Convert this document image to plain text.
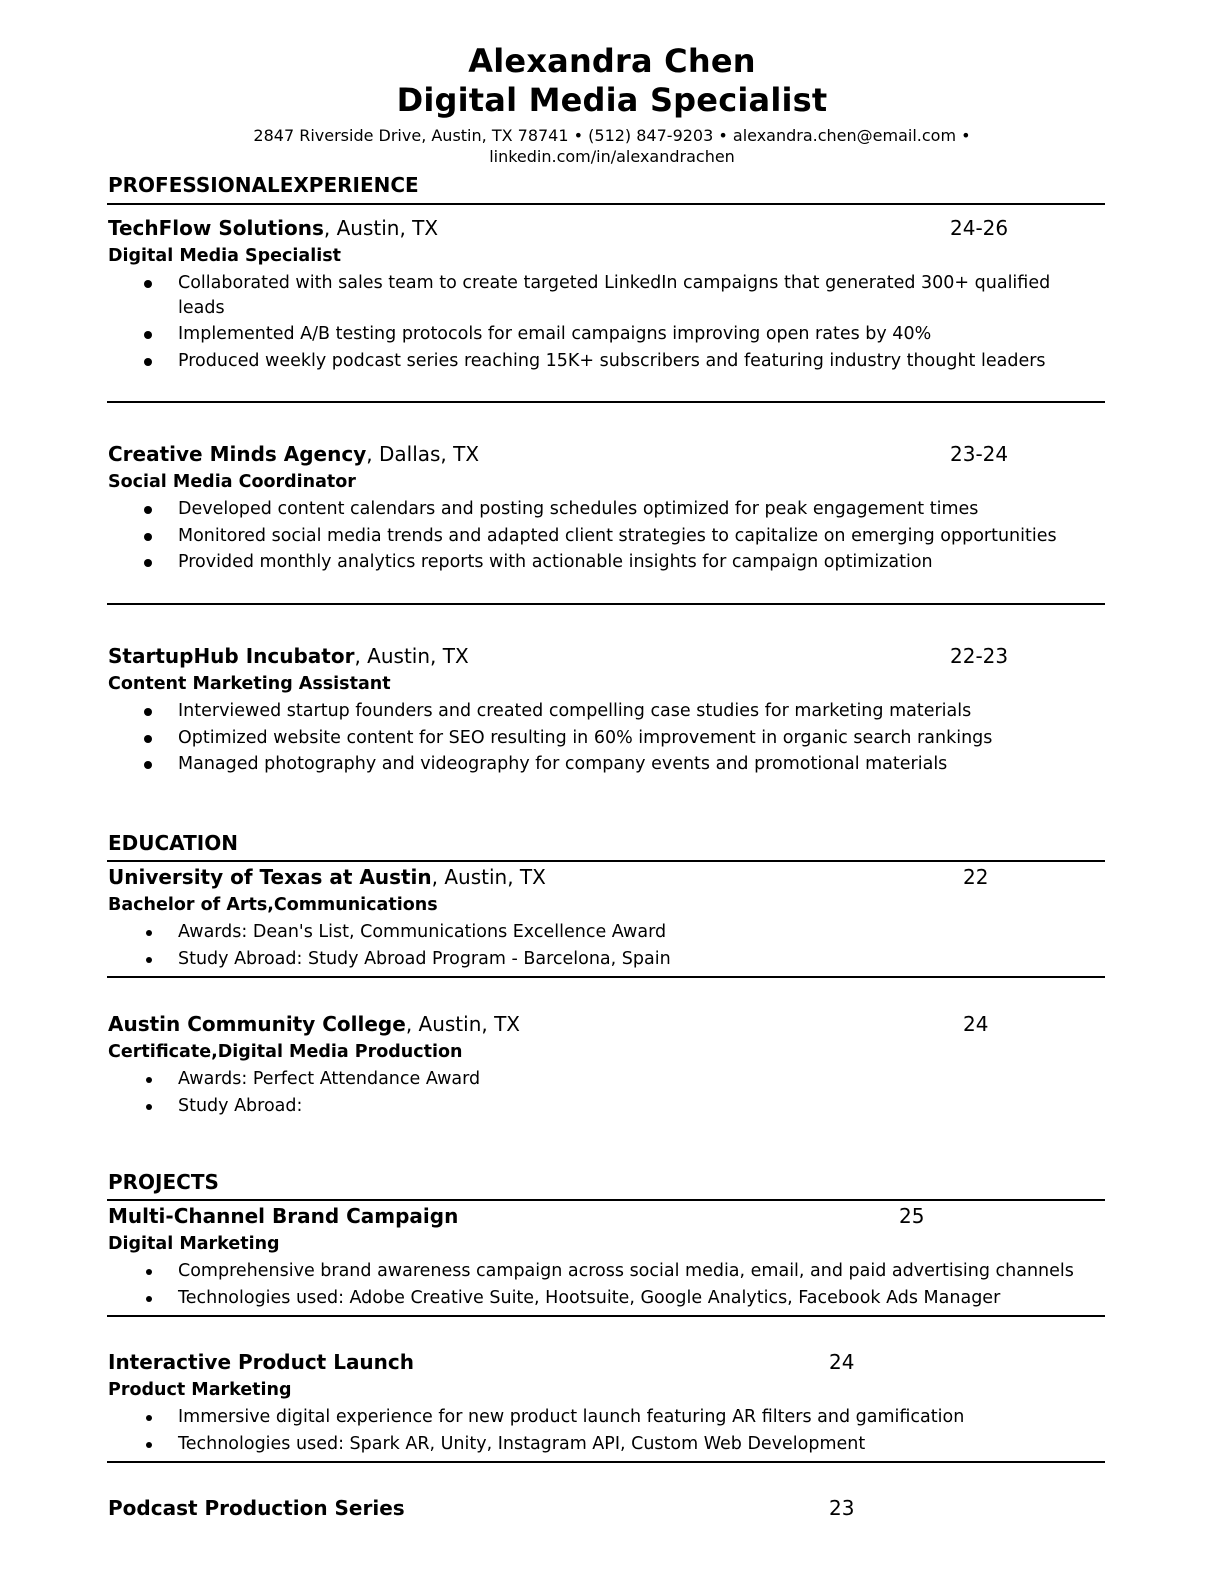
Alexandra Chen
Digital Media Specialist
2847 Riverside Drive, Austin, TX 78741 • (512) 847-9203 • alexandra.chen@email.com •
linkedin.com/in/alexandrachen
PROFESSIONALEXPERIENCE
TechFlow Solutions, Austin, TX	24-26
Digital Media Specialist
Collaborated with sales team to create targeted LinkedIn campaigns that generated 300+ qualified leads
Implemented A/B testing protocols for email campaigns improving open rates by 40%
Produced weekly podcast series reaching 15K+ subscribers and featuring industry thought leaders
Creative Minds Agency, Dallas, TX	23-24
Social Media Coordinator
Developed content calendars and posting schedules optimized for peak engagement times
Monitored social media trends and adapted client strategies to capitalize on emerging opportunities
Provided monthly analytics reports with actionable insights for campaign optimization
StartupHub Incubator, Austin, TX	22-23
Content Marketing Assistant
Interviewed startup founders and created compelling case studies for marketing materials
Optimized website content for SEO resulting in 60% improvement in organic search rankings
Managed photography and videography for company events and promotional materials
EDUCATION
University of Texas at Austin, Austin, TX	22
Bachelor of Arts,Communications
Awards: Dean's List, Communications Excellence Award
Study Abroad: Study Abroad Program - Barcelona, Spain
Austin Community College, Austin, TX	24
Certificate,Digital Media Production
Awards: Perfect Attendance Award
Study Abroad:
PROJECTS
Multi-Channel Brand Campaign	25
Digital Marketing
Comprehensive brand awareness campaign across social media, email, and paid advertising channels
Technologies used: Adobe Creative Suite, Hootsuite, Google Analytics, Facebook Ads Manager
Interactive Product Launch	24
Product Marketing
Immersive digital experience for new product launch featuring AR filters and gamification
Technologies used: Spark AR, Unity, Instagram API, Custom Web Development
Podcast Production Series	23
